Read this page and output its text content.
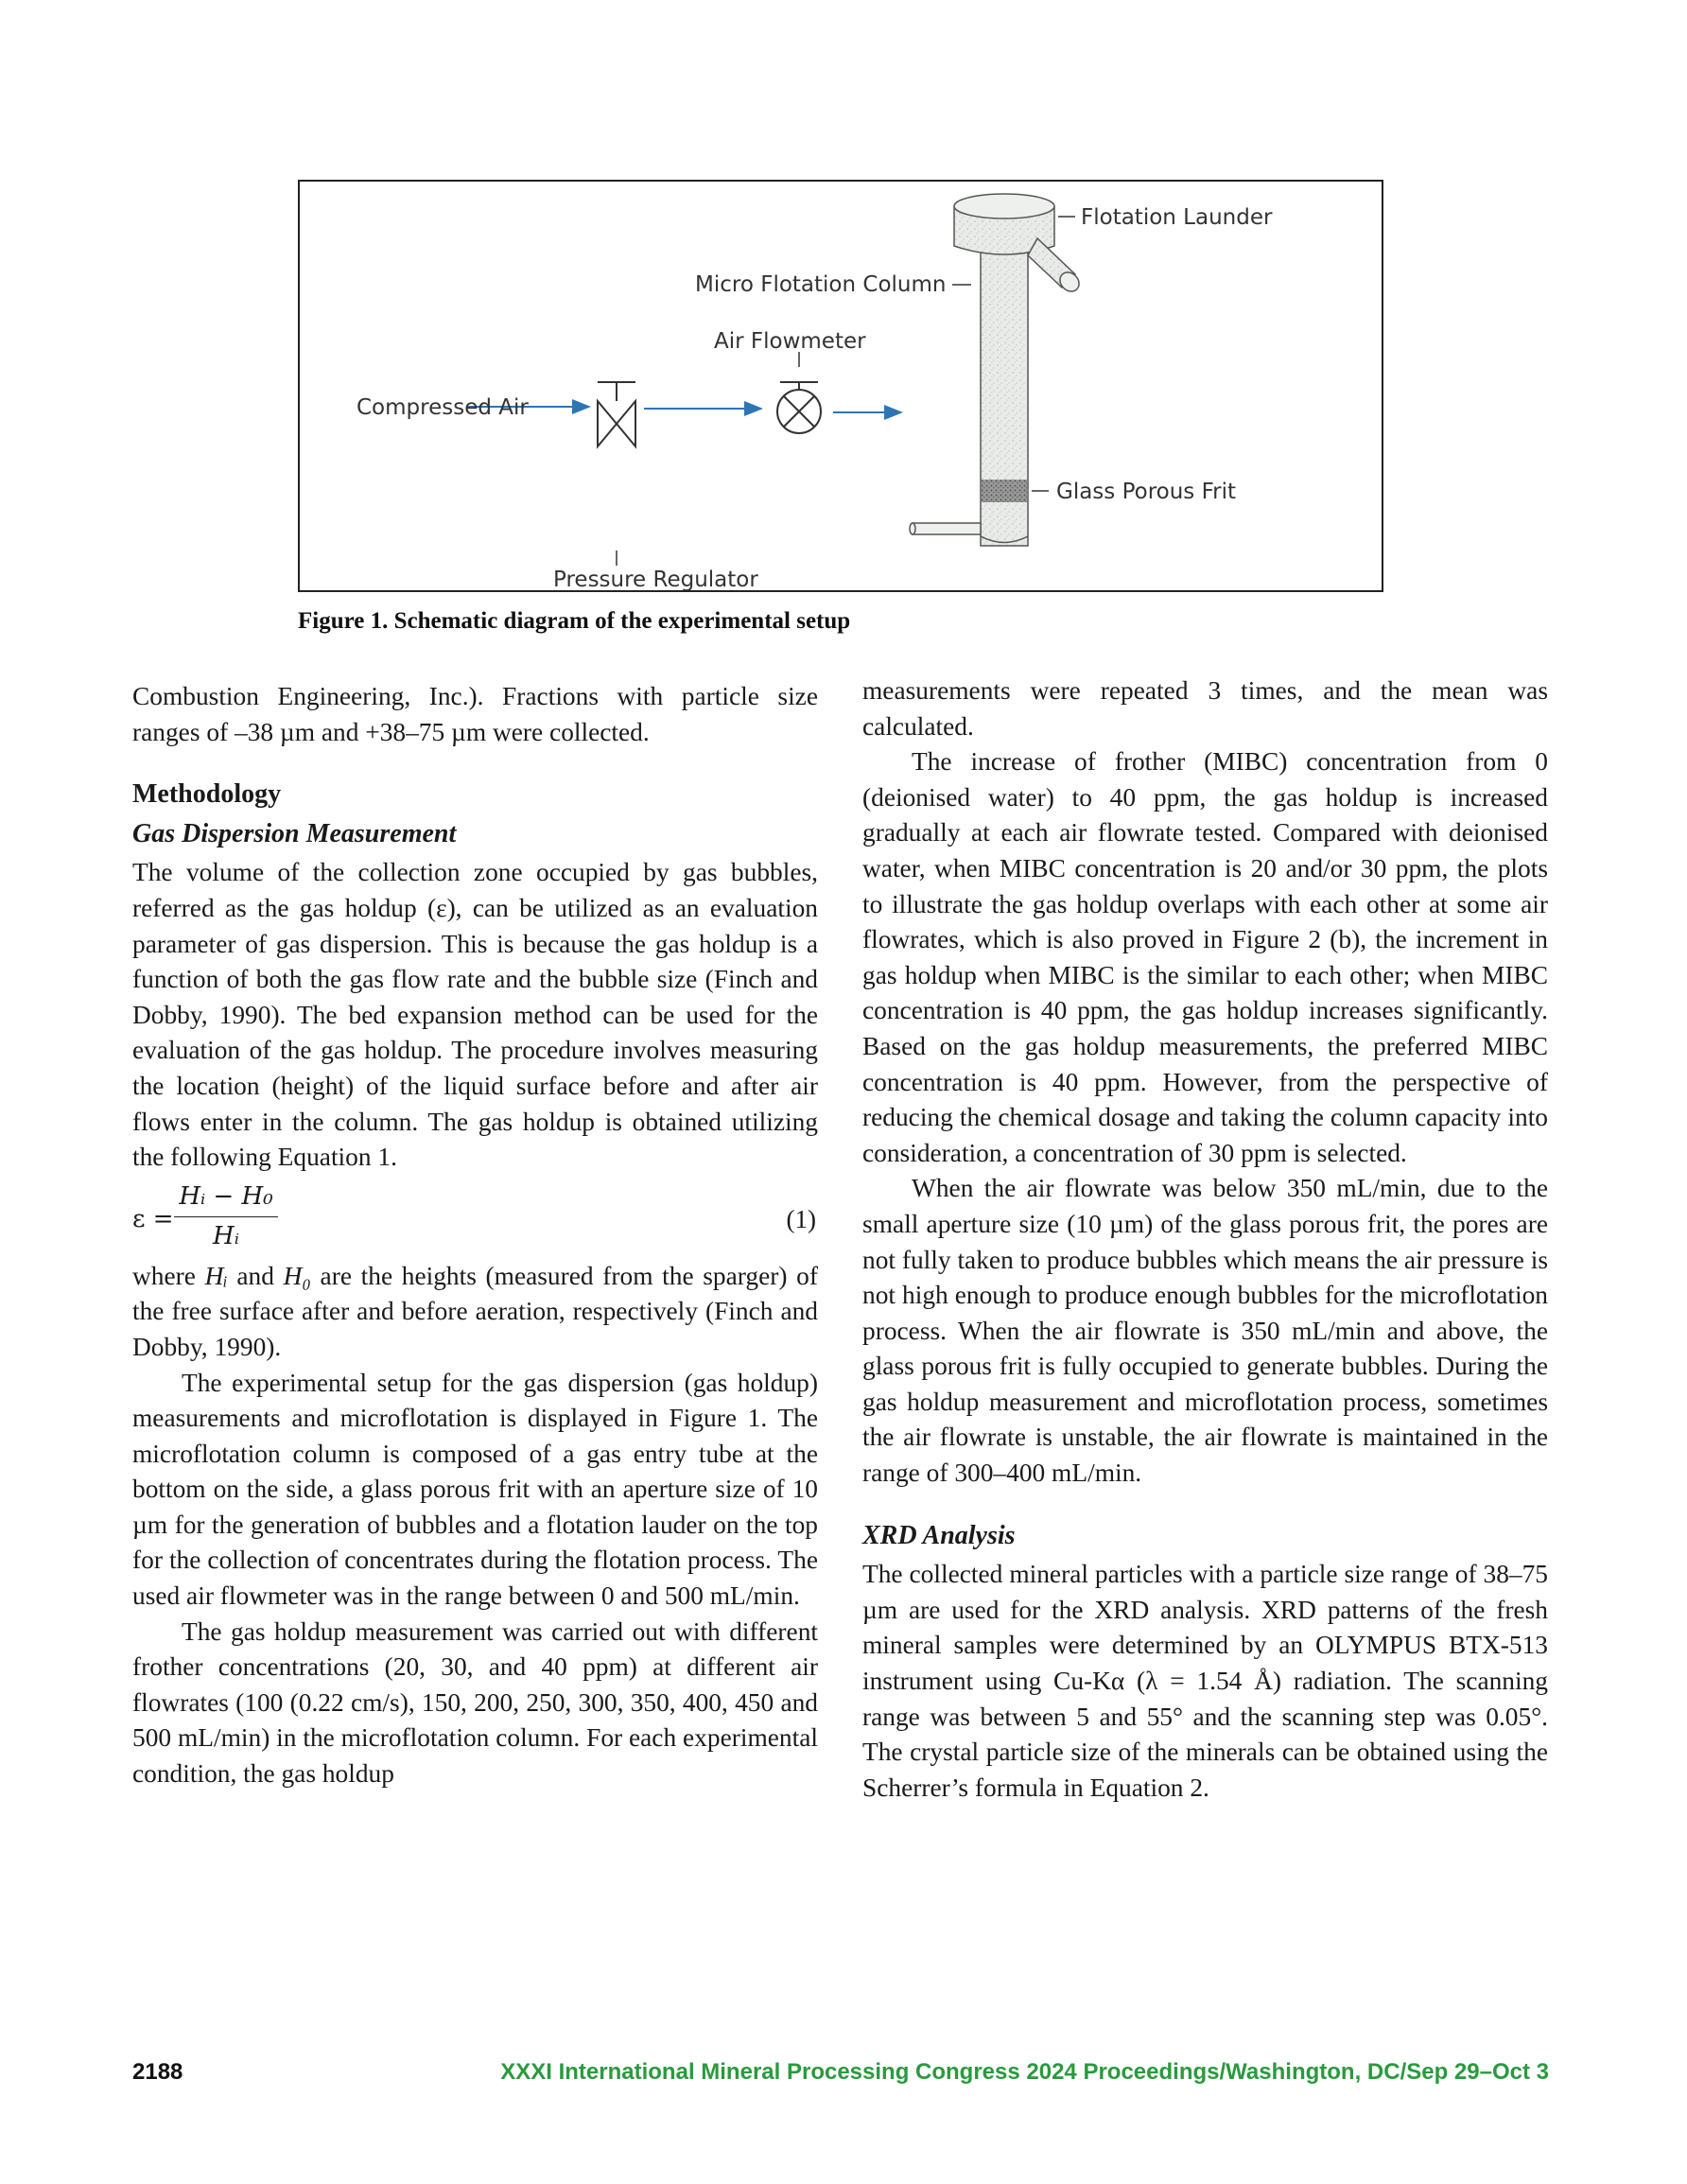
Flotation Launder
Micro Flotation Column
Air Flowmeter
Glass Porous Frit
Compressed Air
Pressure Regulator
Figure 1. Schematic diagram of the experimental setup

Combustion Engineering, Inc.). Fractions with particle size ranges of –38 µm and +38–75 µm were collected.

Methodology
Gas Dispersion Measurement

The volume of the collection zone occupied by gas bubbles, referred as the gas holdup (ε), can be utilized as an evaluation parameter of gas dispersion. This is because the gas holdup is a function of both the gas flow rate and the bubble size (Finch and Dobby, 1990). The bed expansion method can be used for the evaluation of the gas holdup. The procedure involves measuring the location (height) of the liquid surface before and after air flows enter in the column. The gas holdup is obtained utilizing the following Equation 1.

$\varepsilon = \frac{\text{Hᵢ − H₀}}{\text{Hᵢ}}$	(1)

where Hᵢ and H₀ are the heights (measured from the sparger) of the free surface after and before aeration, respectively (Finch and Dobby, 1990).

The experimental setup for the gas dispersion (gas holdup) measurements and microflotation is displayed in Figure 1. The microflotation column is composed of a gas entry tube at the bottom on the side, a glass porous frit with an aperture size of 10 µm for the generation of bubbles and a flotation lauder on the top for the collection of concentrates during the flotation process. The used air flowmeter was in the range between 0 and 500 mL/min.

The gas holdup measurement was carried out with different frother concentrations (20, 30, and 40 ppm) at different air flowrates (100 (0.22 cm/s), 150, 200, 250, 300, 350, 400, 450 and 500 mL/min) in the microflotation column. For each experimental condition, the gas holdup

measurements were repeated 3 times, and the mean was calculated.

The increase of frother (MIBC) concentration from 0 (deionised water) to 40 ppm, the gas holdup is increased gradually at each air flowrate tested. Compared with deionised water, when MIBC concentration is 20 and/or 30 ppm, the plots to illustrate the gas holdup overlaps with each other at some air flowrates, which is also proved in Figure 2 (b), the increment in gas holdup when MIBC is the similar to each other; when MIBC concentration is 40 ppm, the gas holdup increases significantly. Based on the gas holdup measurements, the preferred MIBC concentration is 40 ppm. However, from the perspective of reducing the chemical dosage and taking the column capacity into consideration, a concentration of 30 ppm is selected.

When the air flowrate was below 350 mL/min, due to the small aperture size (10 µm) of the glass porous frit, the pores are not fully taken to produce bubbles which means the air pressure is not high enough to produce enough bubbles for the microflotation process. When the air flowrate is 350 mL/min and above, the glass porous frit is fully occupied to generate bubbles. During the gas holdup measurement and microflotation process, sometimes the air flowrate is unstable, the air flowrate is maintained in the range of 300–400 mL/min.

XRD Analysis

The collected mineral particles with a particle size range of 38–75 µm are used for the XRD analysis. XRD patterns of the fresh mineral samples were determined by an OLYMPUS BTX-513 instrument using Cu-Kα (λ = 1.54 Å) radiation. The scanning range was between 5 and 55° and the scanning step was 0.05°. The crystal particle size of the minerals can be obtained using the Scherrer’s formula in Equation 2.

2188	XXXI International Mineral Processing Congress 2024 Proceedings/Washington, DC/Sep 29–Oct 3
